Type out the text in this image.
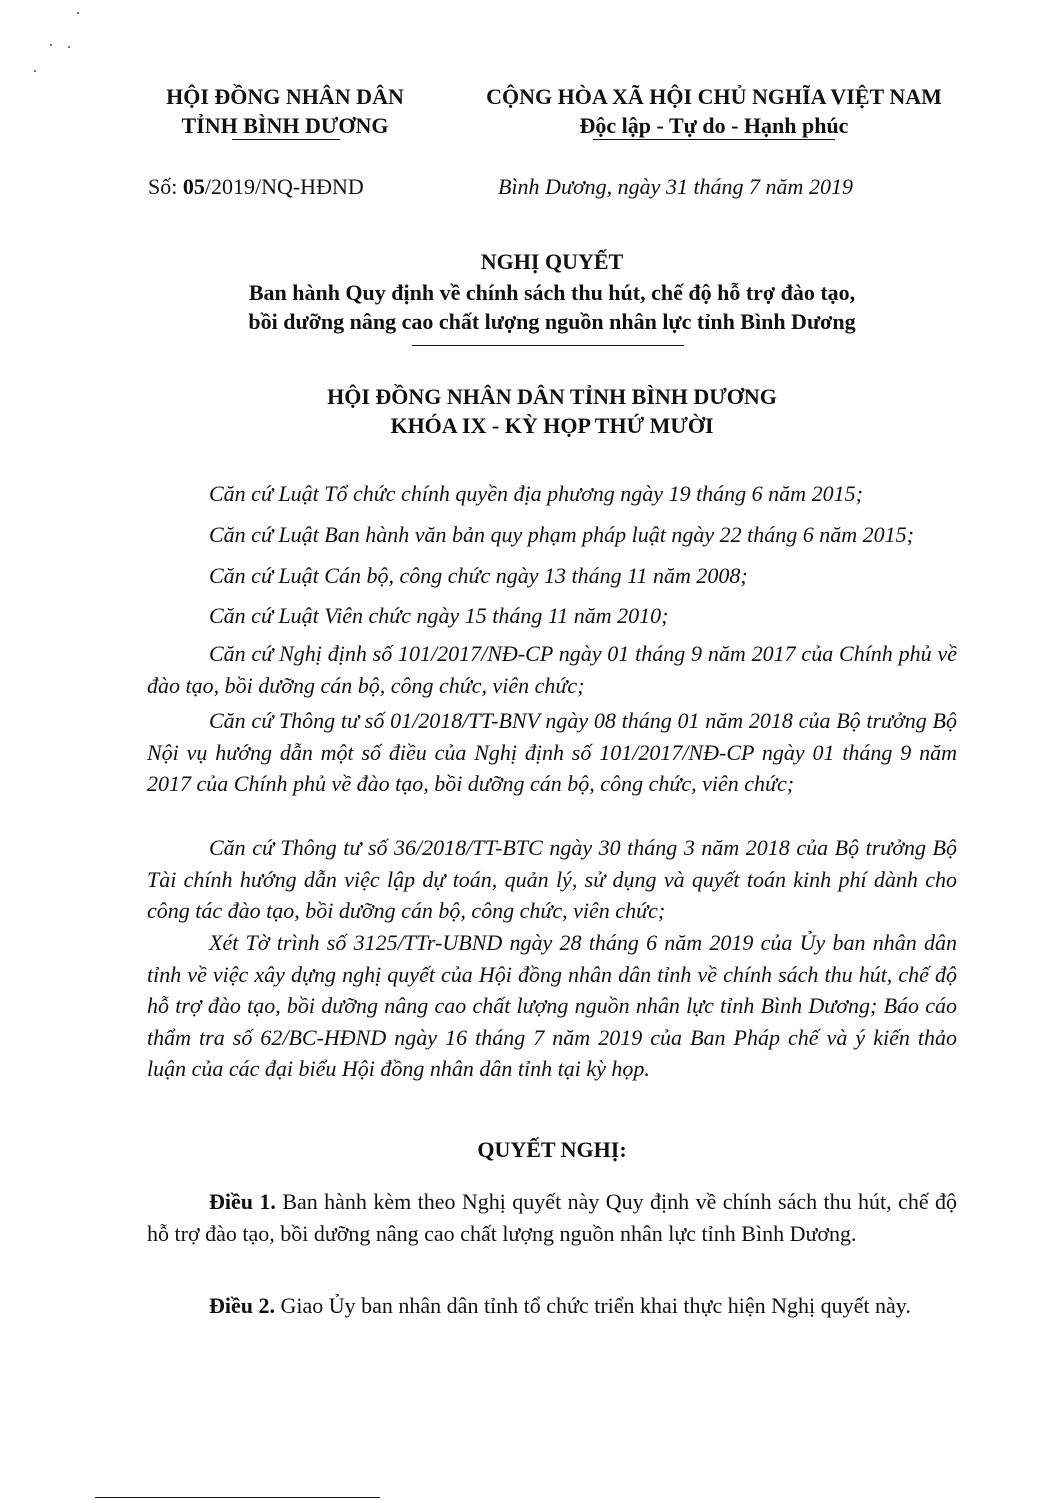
HỘI ĐỒNG NHÂN DÂN
TỈNH BÌNH DƯƠNG
CỘNG HÒA XÃ HỘI CHỦ NGHĨA VIỆT NAM
Độc lập - Tự do - Hạnh phúc
Số: 05/2019/NQ-HĐND	Bình Dương, ngày 31 tháng 7 năm 2019
NGHỊ QUYẾT
Ban hành Quy định về chính sách thu hút, chế độ hỗ trợ đào tạo,
bồi dưỡng nâng cao chất lượng nguồn nhân lực tỉnh Bình Dương
HỘI ĐỒNG NHÂN DÂN TỈNH BÌNH DƯƠNG
KHÓA IX - KỲ HỌP THỨ MƯỜI
Căn cứ Luật Tổ chức chính quyền địa phương ngày 19 tháng 6 năm 2015;
Căn cứ Luật Ban hành văn bản quy phạm pháp luật ngày 22 tháng 6 năm 2015;
Căn cứ Luật Cán bộ, công chức ngày 13 tháng 11 năm 2008;
Căn cứ Luật Viên chức ngày 15 tháng 11 năm 2010;
Căn cứ Nghị định số 101/2017/NĐ-CP ngày 01 tháng 9 năm 2017 của Chính phủ về đào tạo, bồi dưỡng cán bộ, công chức, viên chức;
Căn cứ Thông tư số 01/2018/TT-BNV ngày 08 tháng 01 năm 2018 của Bộ trưởng Bộ Nội vụ hướng dẫn một số điều của Nghị định số 101/2017/NĐ-CP ngày 01 tháng 9 năm 2017 của Chính phủ về đào tạo, bồi dưỡng cán bộ, công chức, viên chức;
Căn cứ Thông tư số 36/2018/TT-BTC ngày 30 tháng 3 năm 2018 của Bộ trưởng Bộ Tài chính hướng dẫn việc lập dự toán, quản lý, sử dụng và quyết toán kinh phí dành cho công tác đào tạo, bồi dưỡng cán bộ, công chức, viên chức;
Xét Tờ trình số 3125/TTr-UBND ngày 28 tháng 6 năm 2019 của Ủy ban nhân dân tỉnh về việc xây dựng nghị quyết của Hội đồng nhân dân tỉnh về chính sách thu hút, chế độ hỗ trợ đào tạo, bồi dưỡng nâng cao chất lượng nguồn nhân lực tỉnh Bình Dương; Báo cáo thẩm tra số 62/BC-HĐND ngày 16 tháng 7 năm 2019 của Ban Pháp chế và ý kiến thảo luận của các đại biểu Hội đồng nhân dân tỉnh tại kỳ họp.
QUYẾT NGHỊ:
Điều 1. Ban hành kèm theo Nghị quyết này Quy định về chính sách thu hút, chế độ hỗ trợ đào tạo, bồi dưỡng nâng cao chất lượng nguồn nhân lực tỉnh Bình Dương.
Điều 2. Giao Ủy ban nhân dân tỉnh tổ chức triển khai thực hiện Nghị quyết này.
